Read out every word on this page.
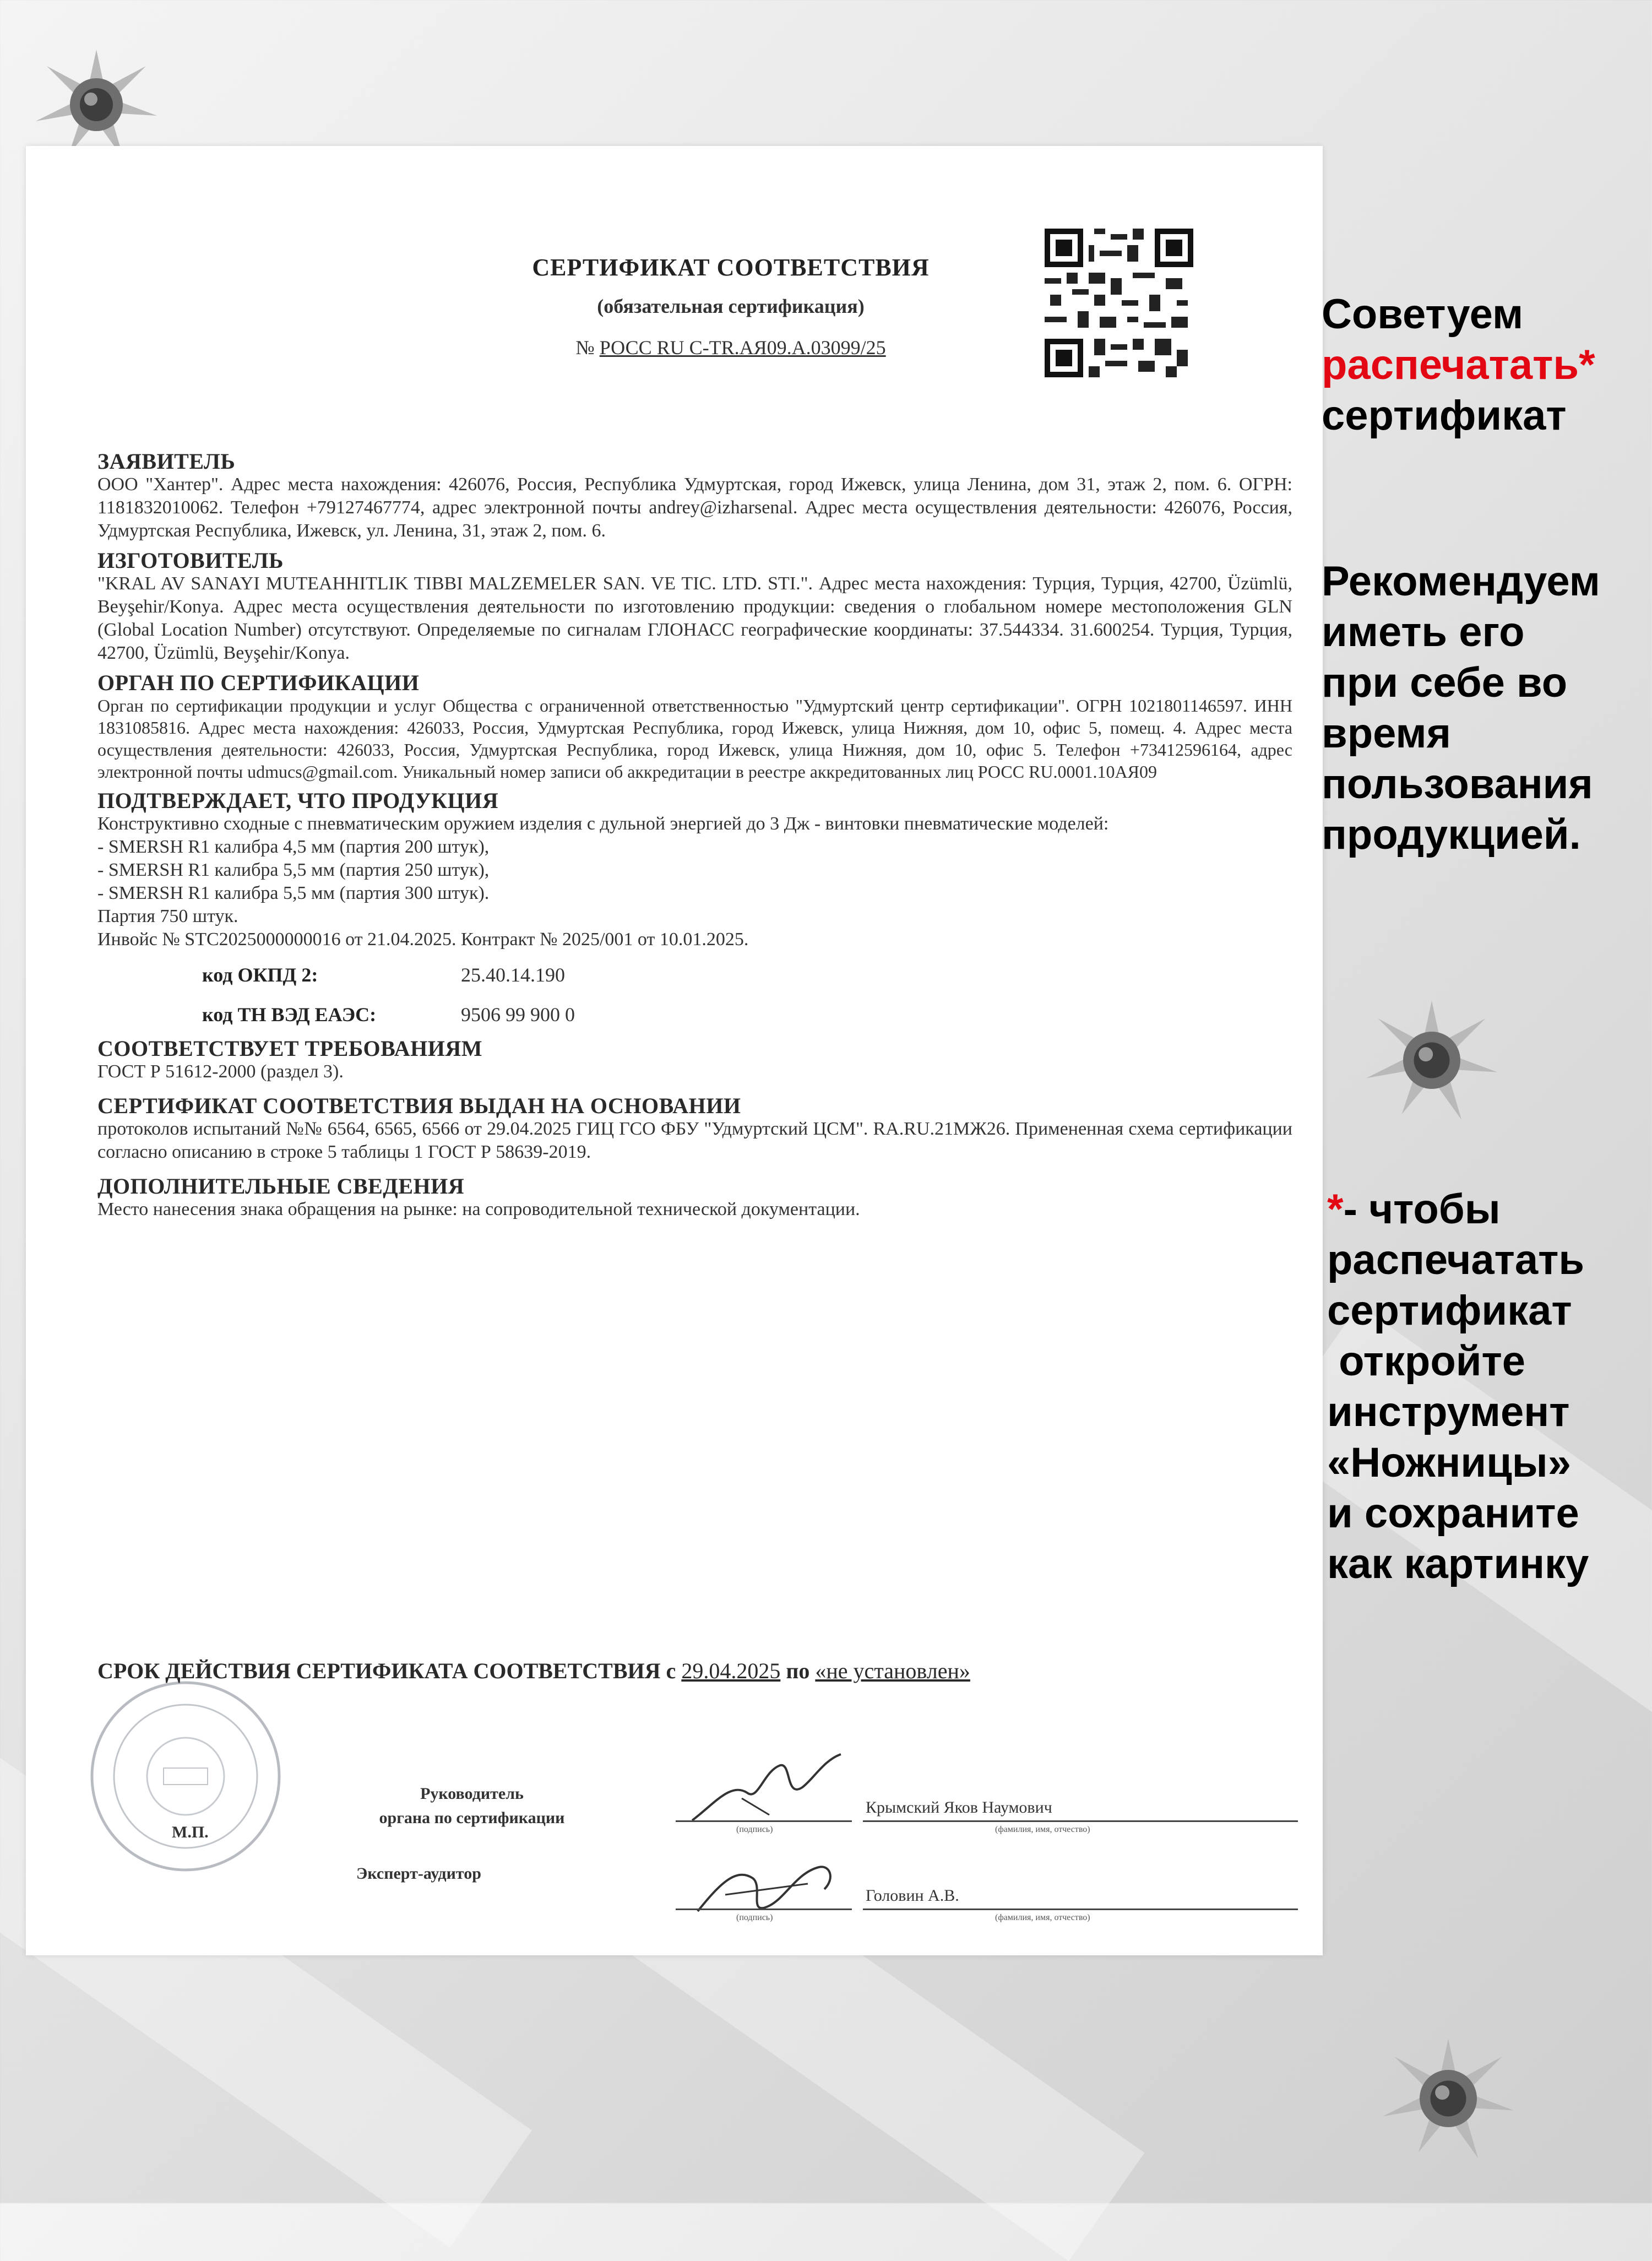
СЕРТИФИКАТ СООТВЕТСТВИЯ
(обязательная сертификация)
№ РОСС RU C-TR.АЯ09.А.03099/25
ЗАЯВИТЕЛЬ

ООО "Хантер". Адрес места нахождения: 426076, Россия, Республика Удмуртская, город Ижевск, улица Ленина, дом 31, этаж 2, пом. 6. ОГРН: 1181832010062. Телефон +79127467774, адрес электронной почты andrey@izharsenal. Адрес места осуществления деятельности: 426076, Россия, Удмуртская Республика, Ижевск, ул. Ленина, 31, этаж 2, пом. 6.

ИЗГОТОВИТЕЛЬ

"KRAL AV SANAYI MUTEAHHITLIK TIBBI MALZEMELER SAN. VE TIC. LTD. STI.". Адрес места нахождения: Турция, Турция, 42700, Üzümlü, Beyşehir/Konya. Адрес места осуществления деятельности по изготовлению продукции: сведения о глобальном номере местоположения GLN (Global Location Number) отсутствуют. Определяемые по сигналам ГЛОНАСС географические координаты: 37.544334. 31.600254. Турция, Турция, 42700, Üzümlü, Beyşehir/Konya.

ОРГАН ПО СЕРТИФИКАЦИИ

Орган по сертификации продукции и услуг Общества с ограниченной ответственностью "Удмуртский центр сертификации". ОГРН 1021801146597. ИНН 1831085816. Адрес места нахождения: 426033, Россия, Удмуртская Республика, город Ижевск, улица Нижняя, дом 10, офис 5, помещ. 4. Адрес места осуществления деятельности: 426033, Россия, Удмуртская Республика, город Ижевск, улица Нижняя, дом 10, офис 5. Телефон +73412596164, адрес электронной почты udmucs@gmail.com. Уникальный номер записи об аккредитации в реестре аккредитованных лиц РОСС RU.0001.10АЯ09

ПОДТВЕРЖДАЕТ, ЧТО ПРОДУКЦИЯ

Конструктивно сходные с пневматическим оружием изделия с дульной энергией до 3 Дж - винтовки пневматические моделей:

- SMERSH R1 калибра 4,5 мм (партия 200 штук),

- SMERSH R1 калибра 5,5 мм (партия 250 штук),

- SMERSH R1 калибра 5,5 мм (партия 300 штук).

Партия 750 штук.

Инвойс № STC2025000000016 от 21.04.2025. Контракт № 2025/001 от 10.01.2025.

код ОКПД 2:	25.40.14.190
код ТН ВЭД ЕАЭС:	9506 99 900 0
СООТВЕТСТВУЕТ ТРЕБОВАНИЯМ

ГОСТ Р 51612-2000 (раздел 3).

СЕРТИФИКАТ СООТВЕТСТВИЯ ВЫДАН НА ОСНОВАНИИ

протоколов испытаний №№ 6564, 6565, 6566 от 29.04.2025 ГИЦ ГСО ФБУ "Удмуртский ЦСМ". RA.RU.21МЖ26. Примененная схема сертификации согласно описанию в строке 5 таблицы 1 ГОСТ Р 58639-2019.

ДОПОЛНИТЕЛЬНЫЕ СВЕДЕНИЯ

Место нанесения знака обращения на рынке: на сопроводительной технической документации.

М.П.
СРОК ДЕЙСТВИЯ СЕРТИФИКАТА СООТВЕТСТВИЯ с 29.04.2025 по «не установлен»
Руководитель
органа по сертификации
Эксперт-аудитор
(подпись)
Крымский Яков Наумович
(фамилия, имя, отчество)
(подпись)
Головин А.В.
(фамилия, имя, отчество)
Советуем
распечатать*
сертификат
Рекомендуем
иметь его
при себе во
время
пользования
продукцией.
*- чтобы
распечатать
сертификат
откройте
инструмент
«Ножницы»
и сохраните
как картинку
